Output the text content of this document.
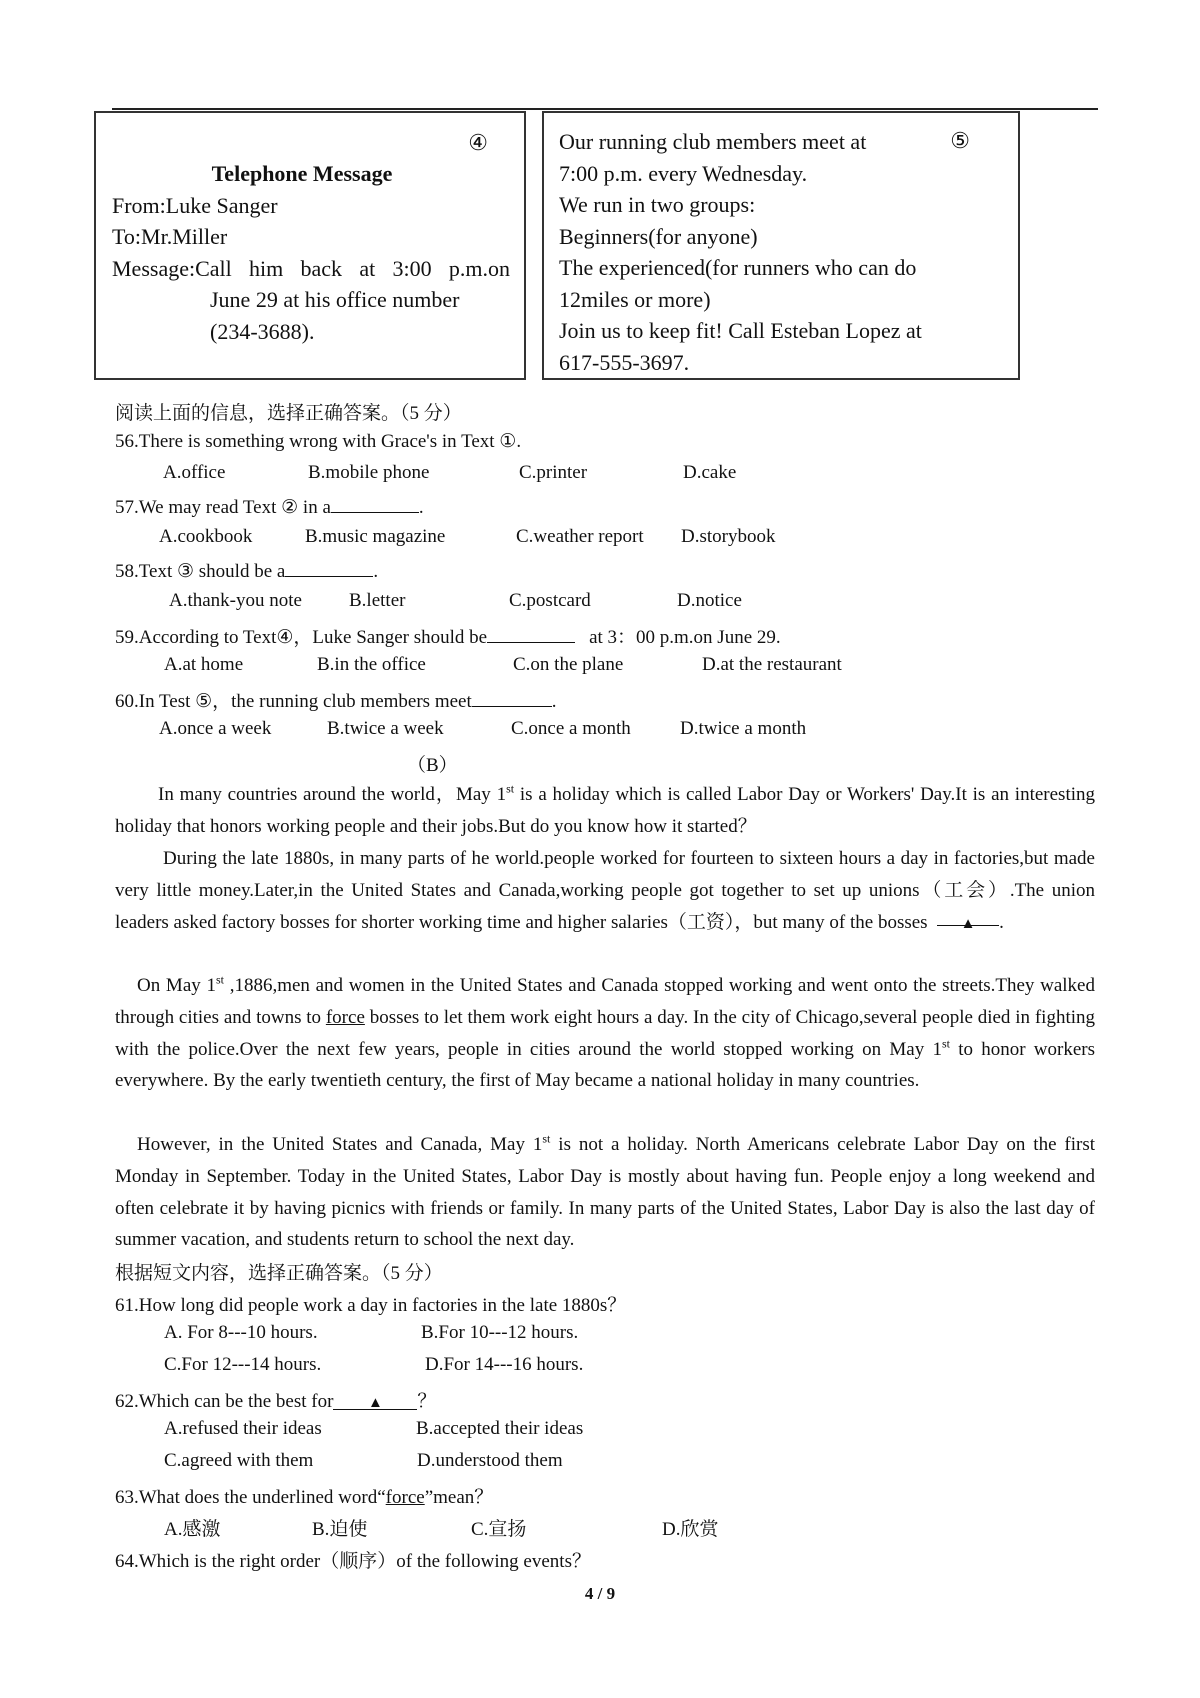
④
Telephone Message
From:Luke Sanger
To:Mr.Miller
Message:Call him back at 3:00 p.m.on
June 29 at his office number
(234-3688).
⑤
Our running club members meet at
7:00 p.m. every Wednesday.
We run in two groups:
Beginners(for anyone)
The experienced(for runners who can do
12miles or more)
Join us to keep fit! Call Esteban Lopez at
617-555-3697.
阅读上面的信息，选择正确答案。（5 分）
56.There is something wrong with Grace's in Text ①.
A.office	B.mobile phone	C.printer	D.cake
57.We may read Text ② in a	.
A.cookbook	B.music magazine	C.weather report D.storybook
58.Text ③ should be a	.
A.thank-you note B.letter	C.postcard	D.notice
59.According to Text④，Luke Sanger should be	at 3：00 p.m.on June 29.
A.at home	B.in the office	C.on the plane	D.at the restaurant
60.In Test ⑤，the running club members meet	.
A.once a week	B.twice a week	C.once a month	D.twice a month
（B）
In many countries around the world，May 1st is a holiday which is called Labor Day or Workers' Day.It is an interesting holiday that honors working people and their jobs.But do you know how it started？
During the late 1880s, in many parts of he world.people worked for fourteen to sixteen hours a day in factories,but made very little money.Later,in the United States and Canada,working people got together to set up unions（工会）.The union leaders asked factory bosses for shorter working time and higher salaries（工资），but many of the bosses ▲ .
On May 1st ,1886,men and women in the United States and Canada stopped working and went onto the streets.They walked through cities and towns to force bosses to let them work eight hours a day. In the city of Chicago,several people died in fighting with the police.Over the next few years, people in cities around the world stopped working on May 1st to honor workers everywhere. By the early twentieth century, the first of May became a national holiday in many countries.
However, in the United States and Canada, May 1st is not a holiday. North Americans celebrate Labor Day on the first Monday in September. Today in the United States, Labor Day is mostly about having fun. People enjoy a long weekend and often celebrate it by having picnics with friends or family. In many parts of the United States, Labor Day is also the last day of summer vacation, and students return to school the next day.
根据短文内容，选择正确答案。（5 分）
61.How long did people work a day in factories in the late 1880s？
A. For 8---10 hours.	B.For 10---12 hours.
C.For 12---14 hours.	D.For 14---16 hours.
62.Which can be the best for ▲ ？
A.refused their ideas	B.accepted their ideas
C.agreed with them	D.understood them
63.What does the underlined word“force”mean？
A.感激	B.迫使	C.宣扬	D.欣赏
64.Which is the right order（顺序）of the following events？
4 / 9
